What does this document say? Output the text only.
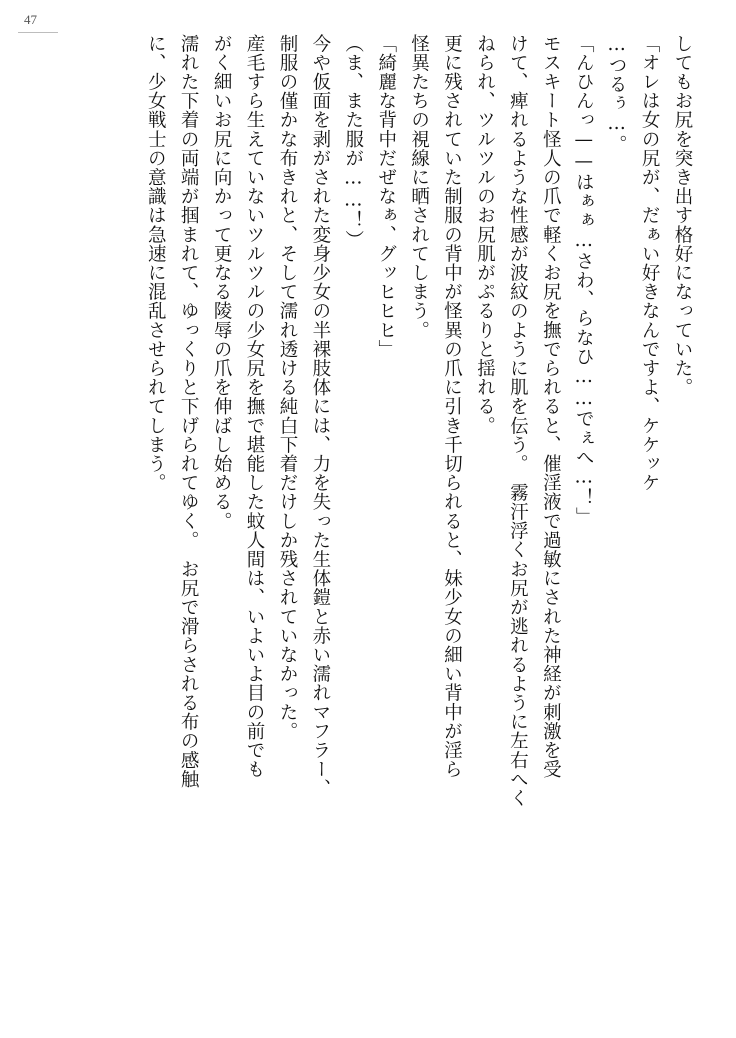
47

してもお尻を突き出す格好になっていた。

「オレは女の尻が、だぁい好きなんですよ、ケケッケ

…つるぅ…。

「んひんっ——はぁぁ…さわ、らなひ……でぇへ…！」

モスキート怪人の爪で軽くお尻を撫でられると、催淫液で過敏にされた神経が刺激を受

けて、痺れるような性感が波紋のように肌を伝う。　霧汗浮くお尻が逃れるように左右へく

ねられ、ツルツルのお尻肌がぷるりと揺れる。

更に残されていた制服の背中が怪異の爪に引き千切られると、妹少女の細い背中が淫ら

怪異たちの視線に晒されてしまう。

「綺麗な背中だぜなぁ、グッヒヒヒ」

（ま、また服が……！）

今や仮面を剥がされた変身少女の半裸肢体には、力を失った生体鎧と赤い濡れマフラー、

制服の僅かな布きれと、そして濡れ透ける純白下着だけしか残されていなかった。

産毛すら生えていないツルツルの少女尻を撫で堪能した蚊人間は、いよいよ目の前でも

がく細いお尻に向かって更なる陵辱の爪を伸ばし始める。

濡れた下着の両端が掴まれて、ゆっくりと下げられてゆく。　お尻で滑らされる布の感触

に、少女戦士の意識は急速に混乱させられてしまう。
